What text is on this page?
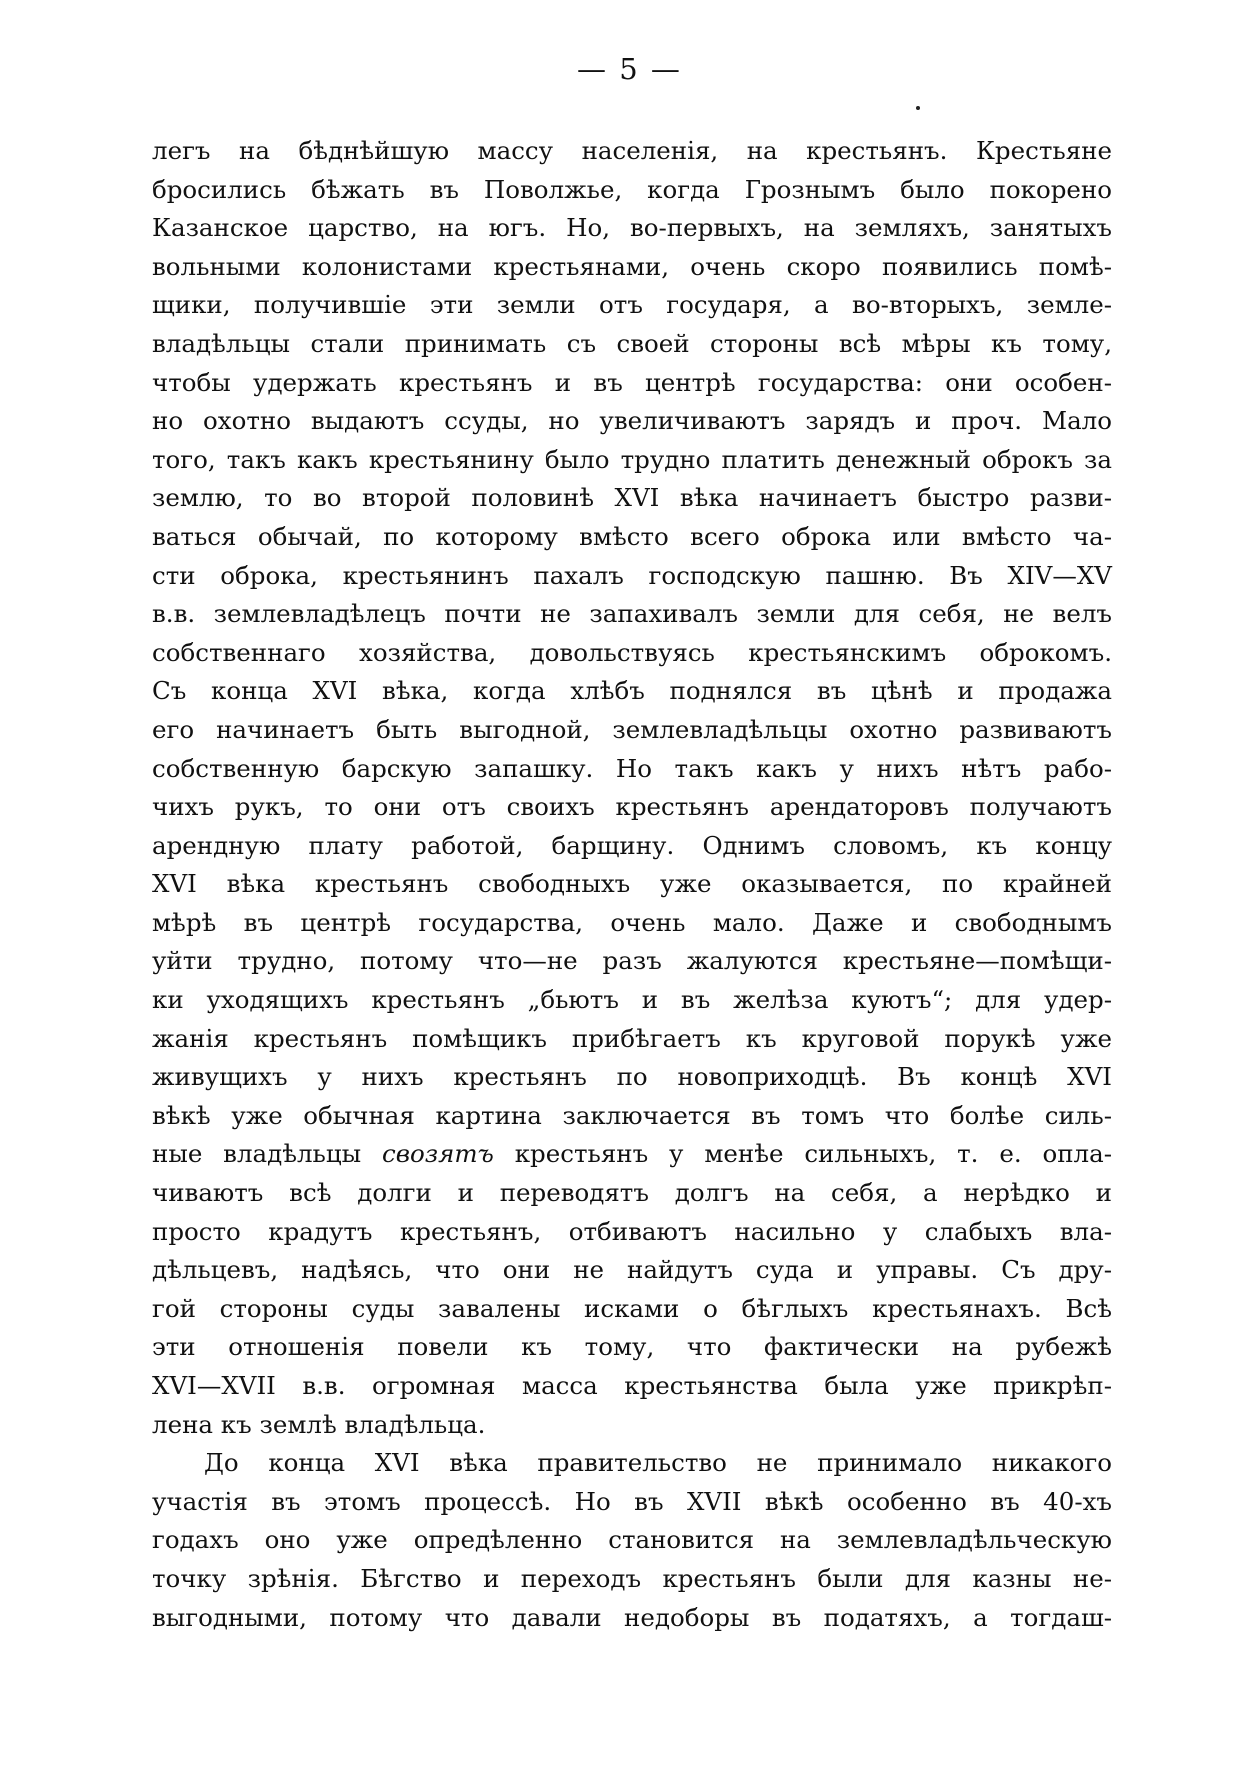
— 5 —
легъ на бѣднѣйшую массу населенія, на крестьянъ. Крестьяне
бросились бѣжать въ Поволжье, когда Грознымъ было покорено
Казанское царство, на югъ. Но, во-первыхъ, на земляхъ, занятыхъ
вольными колонистами крестьянами, очень скоро появились помѣ-
щики, получившіе эти земли отъ государя, а во-вторыхъ, земле-
владѣльцы стали принимать съ своей стороны всѣ мѣры къ тому,
чтобы удержать крестьянъ и въ центрѣ государства: они особен-
но охотно выдаютъ ссуды, но увеличиваютъ зарядъ и проч. Мало
того, такъ какъ крестьянину было трудно платить денежный оброкъ за
землю, то во второй половинѣ XVI вѣка начинаетъ быстро разви-
ваться обычай, по которому вмѣсто всего оброка или вмѣсто ча-
сти оброка, крестьянинъ пахалъ господскую пашню. Въ XIV—XV
в.в. землевладѣлецъ почти не запахивалъ земли для себя, не велъ
собственнаго хозяйства, довольствуясь крестьянскимъ оброкомъ.
Съ конца XVI вѣка, когда хлѣбъ поднялся въ цѣнѣ и продажа
его начинаетъ быть выгодной, землевладѣльцы охотно развиваютъ
собственную барскую запашку. Но такъ какъ у нихъ нѣтъ рабо-
чихъ рукъ, то они отъ своихъ крестьянъ арендаторовъ получаютъ
арендную плату работой, барщину. Однимъ словомъ, къ концу
XVI вѣка крестьянъ свободныхъ уже оказывается, по крайней
мѣрѣ въ центрѣ государства, очень мало. Даже и свободнымъ
уйти трудно, потому что—не разъ жалуются крестьяне—помѣщи-
ки уходящихъ крестьянъ „бьютъ и въ желѣза куютъ“; для удер-
жанія крестьянъ помѣщикъ прибѣгаетъ къ круговой порукѣ уже
живущихъ у нихъ крестьянъ по новоприходцѣ. Въ концѣ XVI
вѣкѣ уже обычная картина заключается въ томъ что болѣе силь-
ные владѣльцы свозятъ крестьянъ у менѣе сильныхъ, т. е. опла-
чиваютъ всѣ долги и переводятъ долгъ на себя, а нерѣдко и
просто крадутъ крестьянъ, отбиваютъ насильно у слабыхъ вла-
дѣльцевъ, надѣясь, что они не найдутъ суда и управы. Съ дру-
гой стороны суды завалены исками о бѣглыхъ крестьянахъ. Всѣ
эти отношенія повели къ тому, что фактически на рубежѣ
XVI—XVII в.в. огромная масса крестьянства была уже прикрѣп-
лена къ землѣ владѣльца.
До конца XVI вѣка правительство не принимало никакого
участія въ этомъ процессѣ. Но въ XVII вѣкѣ особенно въ 40-хъ
годахъ оно уже опредѣленно становится на землевладѣльческую
точку зрѣнія. Бѣгство и переходъ крестьянъ были для казны не-
выгодными, потому что давали недоборы въ податяхъ, а тогдаш-
